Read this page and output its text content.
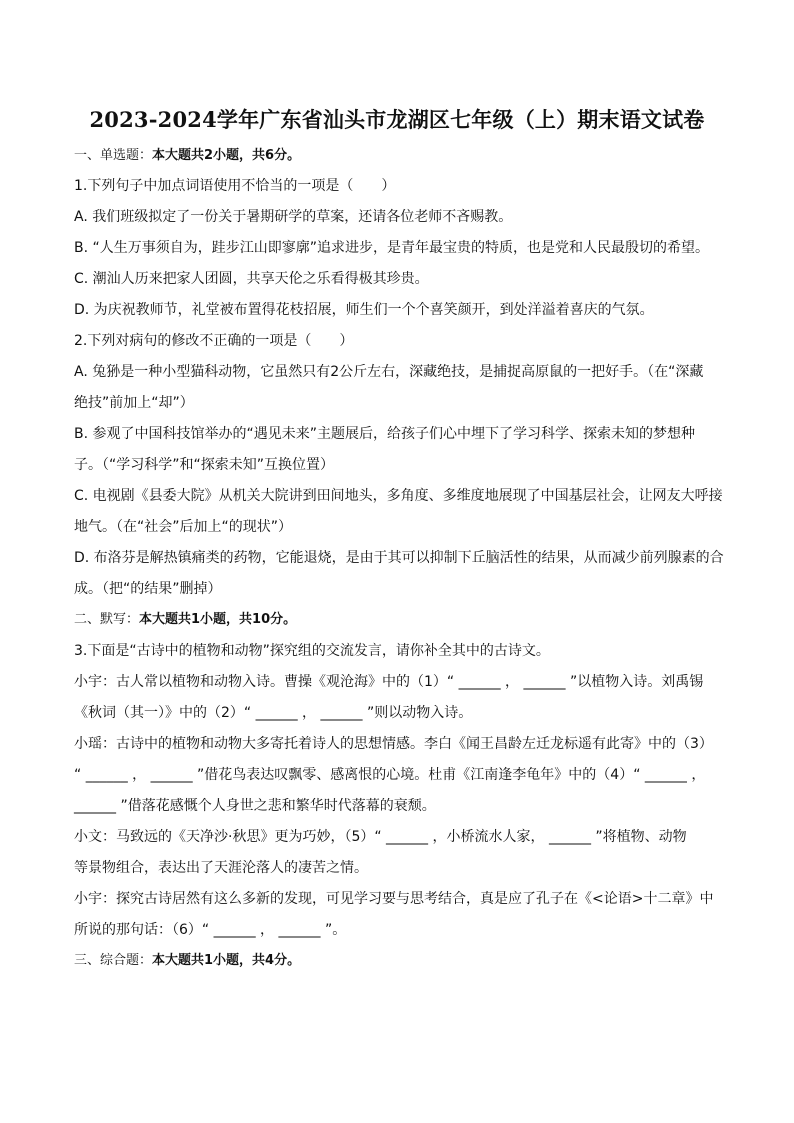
2023-2024学年广东省汕头市龙湖区七年级（上）期末语文试卷
一、单选题：本大题共2小题，共6分。
1.下列句子中加点词语使用不恰当的一项是（　　）
A. 我们班级拟定了一份关于暑期研学的草案，还请各位老师不吝赐教。
B. “人生万事须自为，跬步江山即寥廓”追求进步，是青年最宝贵的特质，也是党和人民最殷切的希望。
C. 潮汕人历来把家人团圆，共享天伦之乐看得极其珍贵。
D. 为庆祝教师节，礼堂被布置得花枝招展，师生们一个个喜笑颜开，到处洋溢着喜庆的气氛。
2.下列对病句的修改不正确的一项是（　　）
A. 兔狲是一种小型猫科动物，它虽然只有2公斤左右，深藏绝技，是捕捉高原鼠的一把好手。（在“深藏
绝技”前加上“却”）
B. 参观了中国科技馆举办的“遇见未来”主题展后，给孩子们心中埋下了学习科学、探索未知的梦想种
子。（“学习科学”和“探索未知”互换位置）
C. 电视剧《县委大院》从机关大院讲到田间地头，多角度、多维度地展现了中国基层社会，让网友大呼接
地气。（在“社会”后加上“的现状”）
D. 布洛芬是解热镇痛类的药物，它能退烧，是由于其可以抑制下丘脑活性的结果，从而减少前列腺素的合
成。（把“的结果”删掉）
二、默写：本大题共1小题，共10分。
3.下面是“古诗中的植物和动物”探究组的交流发言，请你补全其中的古诗文。
小宇：古人常以植物和动物入诗。曹操《观沧海》中的（1）“ ______ ， ______ ”以植物入诗。刘禹锡
《秋词（其一）》中的（2）“ ______ ， ______ ”则以动物入诗。
小瑶：古诗中的植物和动物大多寄托着诗人的思想情感。李白《闻王昌龄左迁龙标遥有此寄》中的（3）
“ ______ ， ______ ”借花鸟表达叹飘零、感离恨的心境。杜甫《江南逢李龟年》中的（4）“ ______ ，
______ ”借落花感慨个人身世之悲和繁华时代落幕的衰颓。
小文：马致远的《天净沙·秋思》更为巧妙，（5）“ ______ ，小桥流水人家， ______ ”将植物、动物
等景物组合，表达出了天涯沦落人的凄苦之情。
小宇：探究古诗居然有这么多新的发现，可见学习要与思考结合，真是应了孔子在《<论语>十二章》中
所说的那句话：（6）“ ______ ， ______ ”。
三、综合题：本大题共1小题，共4分。
